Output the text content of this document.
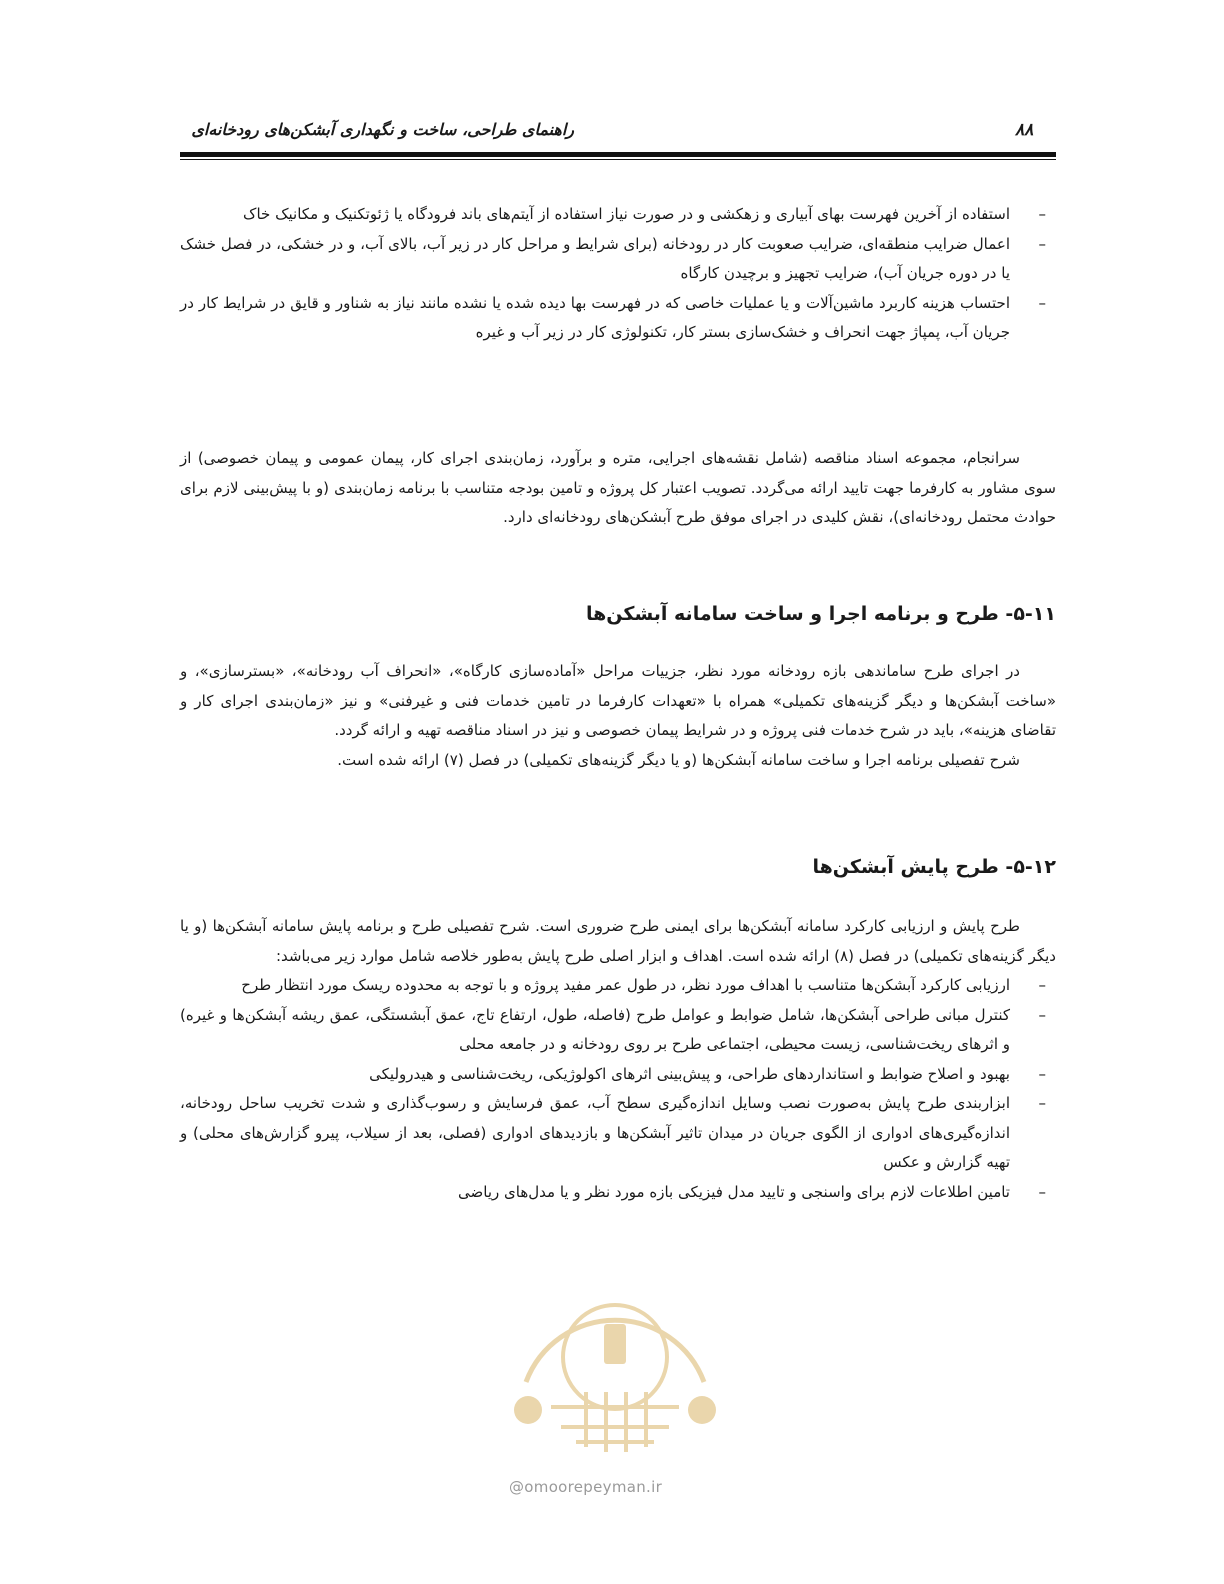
راهنمای طراحی، ساخت و نگهداری آبشکن‌های رودخانه‌ای	۸۸
– استفاده از آخرین فهرست بهای آبیاری و زهکشی و در صورت نیاز استفاده از آیتم‌های باند فرودگاه یا ژئوتکنیک و مکانیک خاک
– اعمال ضرایب منطقه‌ای، ضرایب صعوبت کار در رودخانه (برای شرایط و مراحل کار در زیر آب، بالای آب، و در خشکی، در فصل خشک یا در دوره جریان آب)، ضرایب تجهیز و برچیدن کارگاه
– احتساب هزینه کاربرد ماشین‌آلات و یا عملیات خاصی که در فهرست بها دیده شده یا نشده مانند نیاز به شناور و قایق در شرایط کار در جریان آب، پمپاژ جهت انحراف و خشک‌سازی بستر کار، تکنولوژی کار در زیر آب و غیره
سرانجام، مجموعه اسناد مناقصه (شامل نقشه‌های اجرایی، متره و برآورد، زمان‌بندی اجرای کار، پیمان عمومی و پیمان خصوصی) از سوی مشاور به کارفرما جهت تایید ارائه می‌گردد. تصویب اعتبار کل پروژه و تامین بودجه متناسب با برنامه زمان‌بندی (و با پیش‌بینی لازم برای حوادث محتمل رودخانه‌ای)، نقش کلیدی در اجرای موفق طرح آبشکن‌های رودخانه‌ای دارد.
۵-۱۱- طرح و برنامه اجرا و ساخت سامانه آبشکن‌ها
در اجرای طرح ساماندهی بازه رودخانه مورد نظر، جزییات مراحل «آماده‌سازی کارگاه»، «انحراف آب رودخانه»، «بسترسازی»، و «ساخت آبشکن‌ها و دیگر گزینه‌های تکمیلی» همراه با «تعهدات کارفرما در تامین خدمات فنی و غیرفنی» و نیز «زمان‌بندی اجرای کار و تقاضای هزینه»، باید در شرح خدمات فنی پروژه و در شرایط پیمان خصوصی و نیز در اسناد مناقصه تهیه و ارائه گردد.
شرح تفصیلی برنامه اجرا و ساخت سامانه آبشکن‌ها (و یا دیگر گزینه‌های تکمیلی) در فصل (۷) ارائه شده است.
۵-۱۲- طرح پایش آبشکن‌ها
طرح پایش و ارزیابی کارکرد سامانه آبشکن‌ها برای ایمنی طرح ضروری است. شرح تفصیلی طرح و برنامه پایش سامانه آبشکن‌ها (و یا دیگر گزینه‌های تکمیلی) در فصل (۸) ارائه شده است. اهداف و ابزار اصلی طرح پایش به‌طور خلاصه شامل موارد زیر می‌باشد:
– ارزیابی کارکرد آبشکن‌ها متناسب با اهداف مورد نظر، در طول عمر مفید پروژه و با توجه به محدوده ریسک مورد انتظار طرح
– کنترل مبانی طراحی آبشکن‌ها، شامل ضوابط و عوامل طرح (فاصله، طول، ارتفاع تاج، عمق آبشستگی، عمق ریشه آبشکن‌ها و غیره) و اثرهای ریخت‌شناسی، زیست محیطی، اجتماعی طرح بر روی رودخانه و در جامعه محلی
– بهبود و اصلاح ضوابط و استانداردهای طراحی، و پیش‌بینی اثرهای اکولوژیکی، ریخت‌شناسی و هیدرولیکی
– ابزاربندی طرح پایش به‌صورت نصب وسایل اندازه‌گیری سطح آب، عمق فرسایش و رسوب‌گذاری و شدت تخریب ساحل رودخانه، اندازه‌گیری‌های ادواری از الگوی جریان در میدان تاثیر آبشکن‌ها و بازدیدهای ادواری (فصلی، بعد از سیلاب، پیرو گزارش‌های محلی) و تهیه گزارش و عکس
– تامین اطلاعات لازم برای واسنجی و تایید مدل فیزیکی بازه مورد نظر و یا مدل‌های ریاضی
@omoorepeyman.ir
